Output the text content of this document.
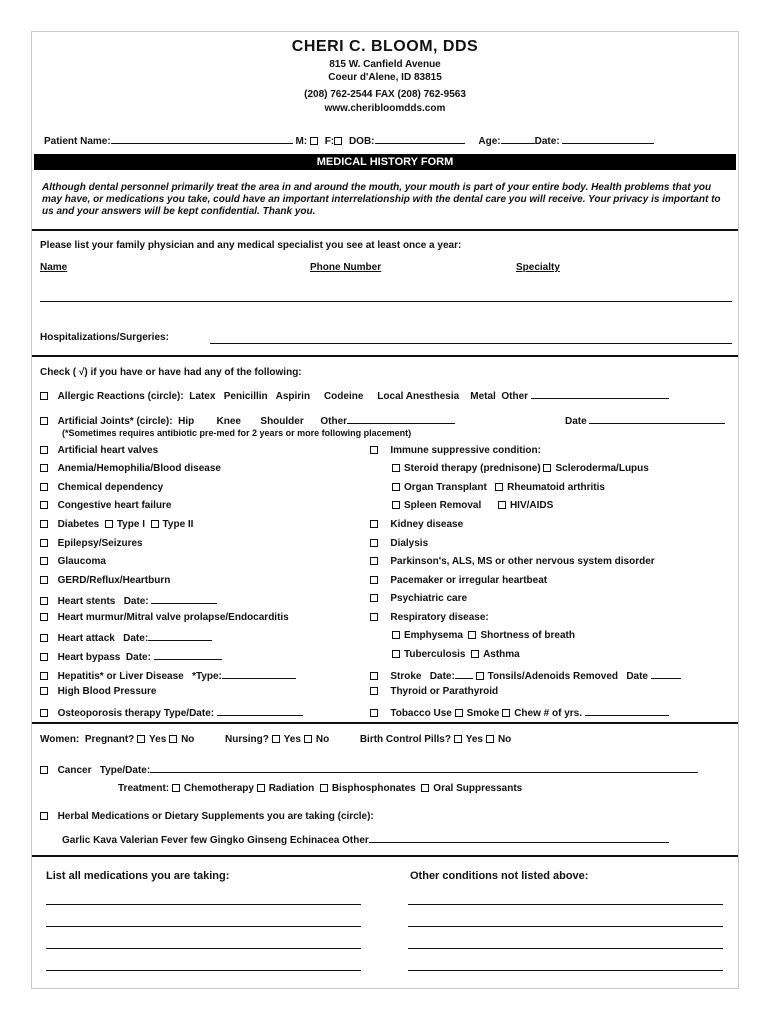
CHERI C. BLOOM, DDS
815 W. Canfield Avenue
Coeur d'Alene, ID 83815
(208) 762-2544 FAX (208) 762-9563
www.cheribloomdds.com
Patient Name:	M: F: DOB:	Age:	Date:
MEDICAL HISTORY FORM
Although dental personnel primarily treat the area in and around the mouth, your mouth is part of your entire body. Health problems that you may have, or medications you take, could have an important interrelationship with the dental care you will receive. Your privacy is important to us and your answers will be kept confidential. Thank you.
Please list your family physician and any medical specialist you see at least once a year:
Name	Phone Number	Specialty
Hospitalizations/Surgeries:
Check ( √) if you have or have had any of the following:
Allergic Reactions (circle): Latex   Penicillin   Aspirin     Codeine     Local Anesthesia    Metal  Other
Artificial Joints* (circle): Hip        Knee       Shoulder      Other	Date
(*Sometimes requires antibiotic pre-med for 2 years or more following placement)
Artificial heart valves
Anemia/Hemophilia/Blood disease
Chemical dependency
Congestive heart failure
Diabetes Type I Type II
Epilepsy/Seizures
Glaucoma
GERD/Reflux/Heartburn
Heart stents   Date:
Heart murmur/Mitral valve prolapse/Endocarditis
Heart attack   Date:
Heart bypass  Date:
Hepatitis* or Liver Disease   *Type:
High Blood Pressure
Osteoporosis therapy Type/Date:
Immune suppressive condition:
Steroid therapy (prednisone) Scleroderma/Lupus
Organ Transplant Rheumatoid arthritis
Spleen Removal	HIV/AIDS
Kidney disease
Dialysis
Parkinson's, ALS, MS or other nervous system disorder
Pacemaker or irregular heartbeat
Psychiatric care
Respiratory disease:
Emphysema Shortness of breath
Tuberculosis Asthma
Stroke   Date:	Tonsils/Adenoids Removed   Date
Thyroid or Parathyroid
Tobacco Use Smoke Chew # of yrs.
Women:  Pregnant? Yes No	Nursing? Yes No	Birth Control Pills? Yes No
Cancer   Type/Date:
Treatment: Chemotherapy Radiation Bisphosphonates Oral Suppressants
Herbal Medications or Dietary Supplements you are taking (circle):
Garlic Kava Valerian Fever few Gingko Ginseng Echinacea Other
List all medications you are taking:	Other conditions not listed above:
